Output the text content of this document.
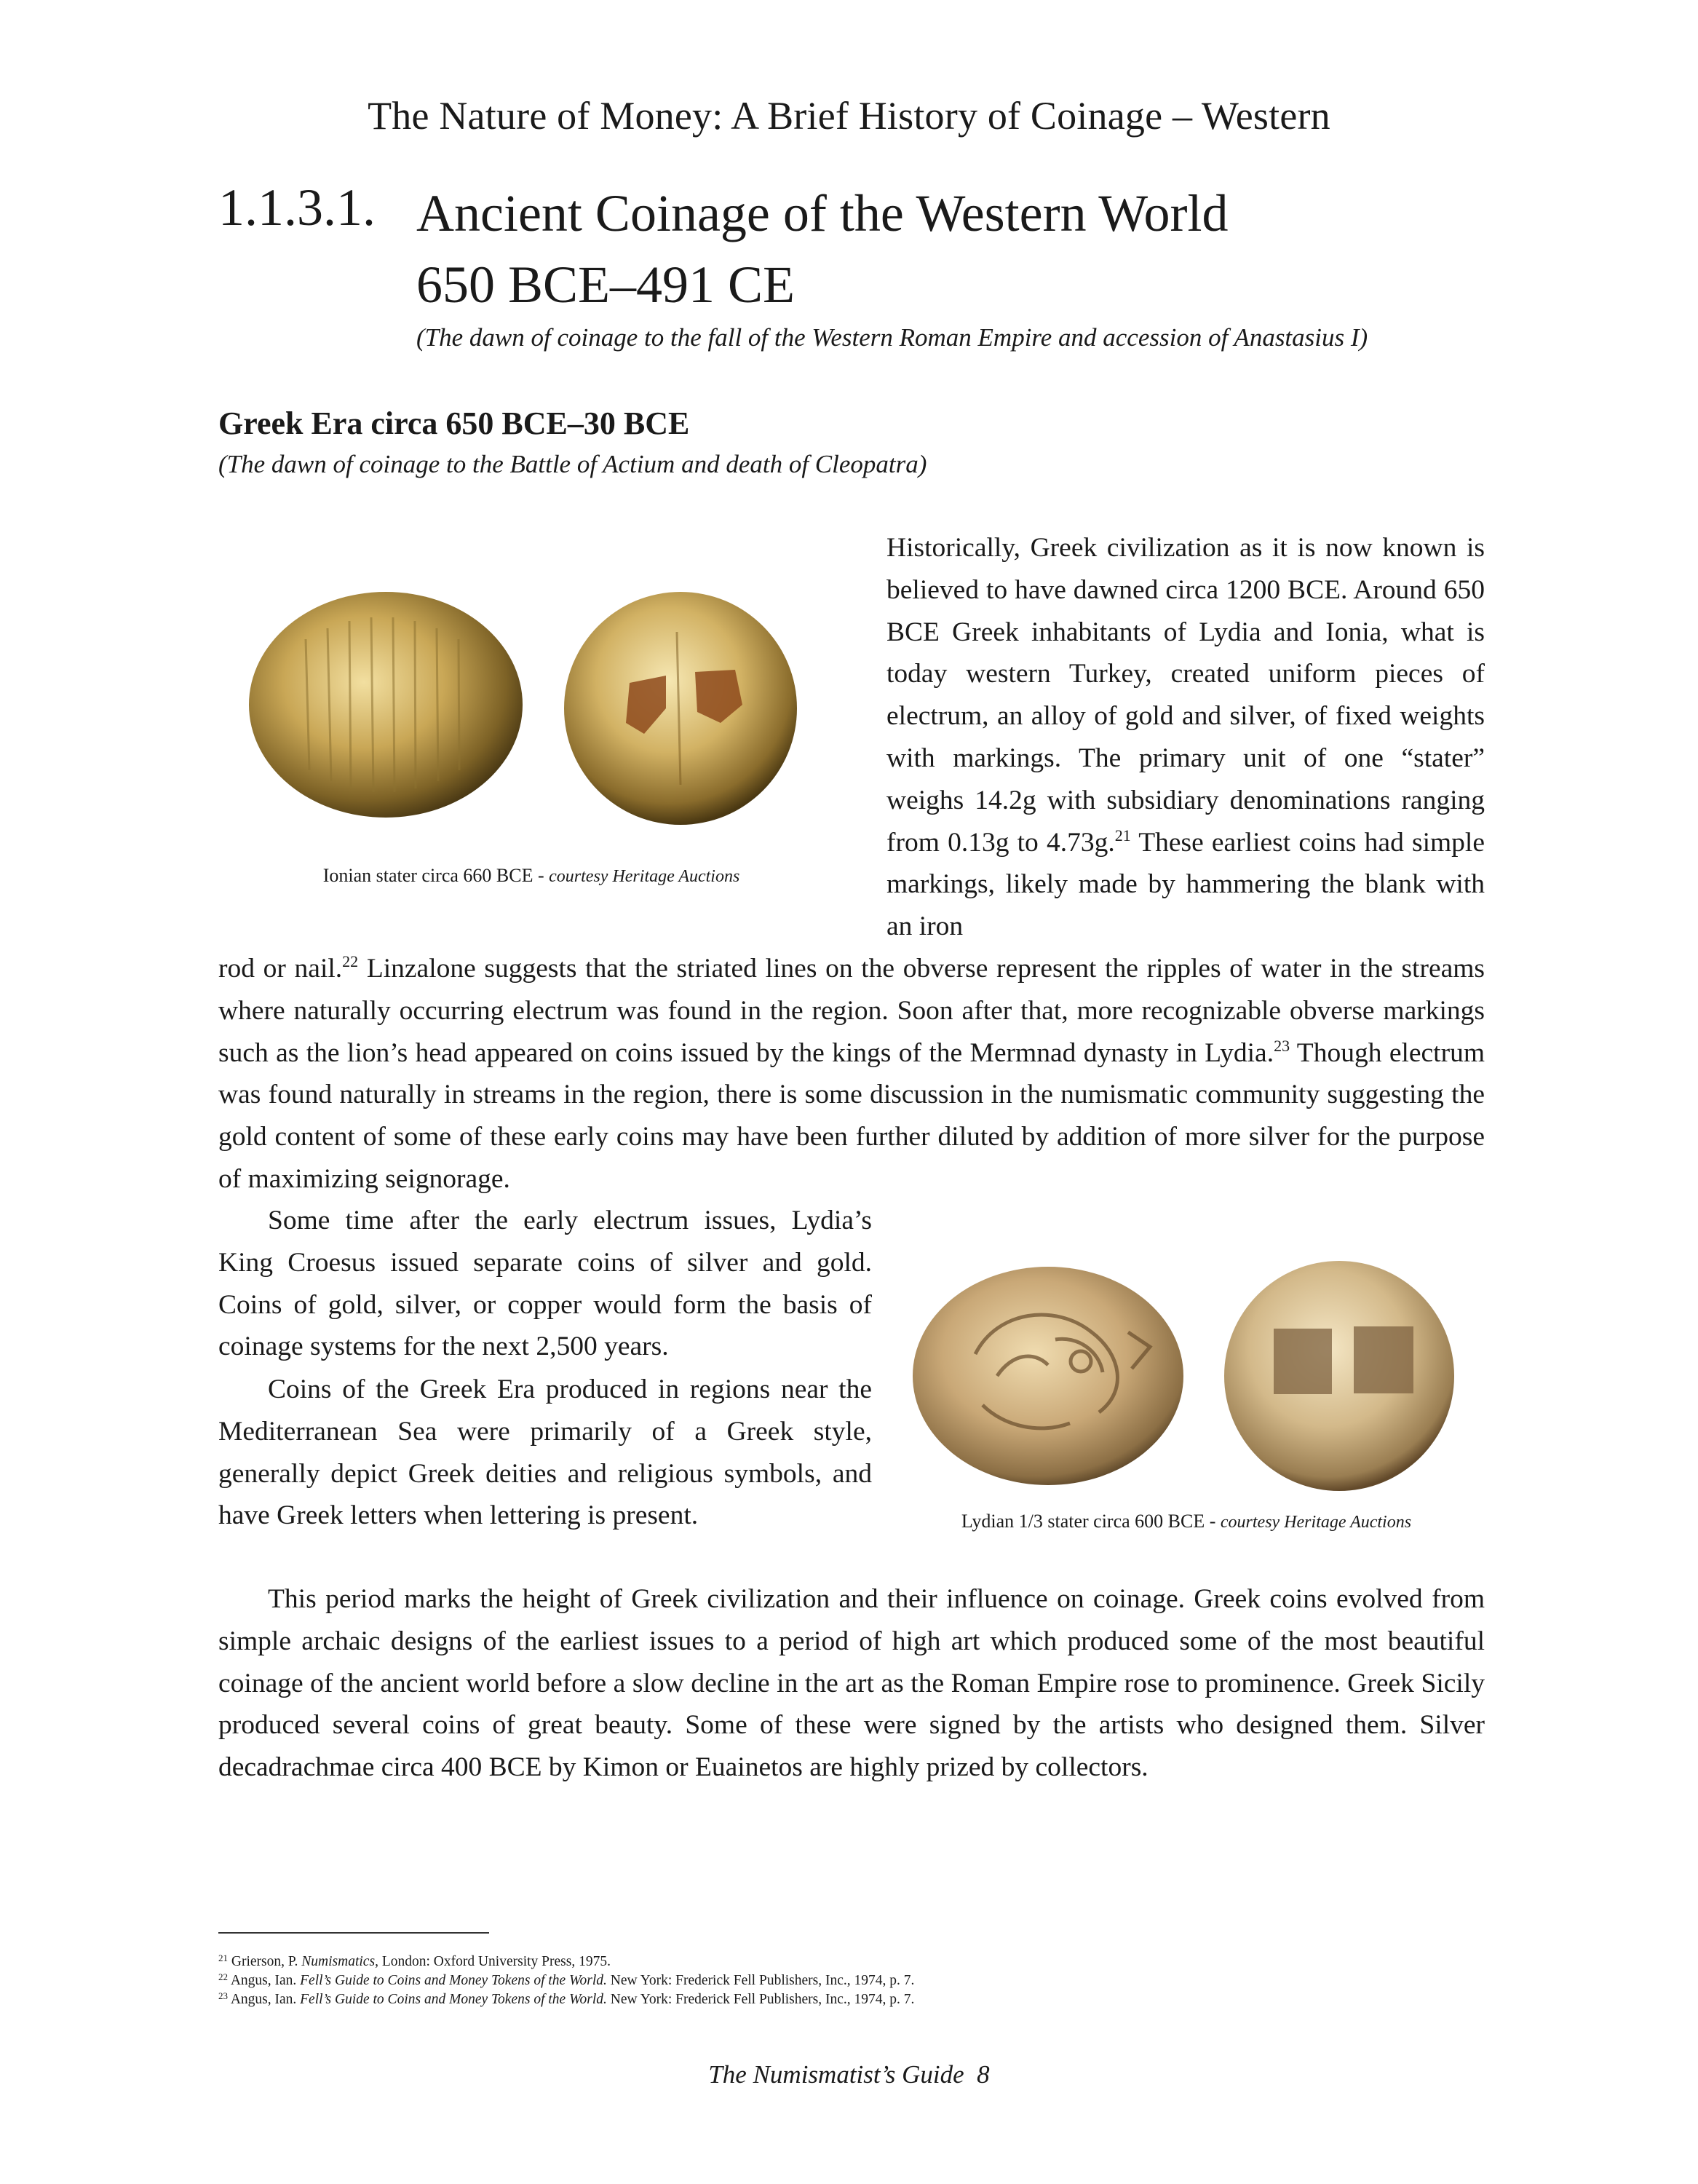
The Nature of Money: A Brief History of Coinage – Western
1.1.3.1. Ancient Coinage of the Western World
650 BCE–491 CE
(The dawn of coinage to the fall of the Western Roman Empire and accession of Anastasius I)
Greek Era circa 650 BCE–30 BCE
(The dawn of coinage to the Battle of Actium and death of Cleopatra)
Ionian stater circa 660 BCE - courtesy Heritage Auctions
Historically, Greek civilization as it is now known is believed to have dawned circa 1200 BCE. Around 650 BCE Greek inhabitants of Lydia and Ionia, what is today western Turkey, created uniform pieces of electrum, an alloy of gold and silver, of fixed weights with markings. The primary unit of one “stater” weighs 14.2g with subsidiary denominations ranging from 0.13g to 4.73g.$^{21}$ These earliest coins had simple markings, likely made by hammering the blank with an iron
rod or nail.$^{22}$ Linzalone suggests that the striated lines on the obverse represent the ripples of water in the streams where naturally occurring electrum was found in the region. Soon after that, more recognizable obverse markings such as the lion’s head appeared on coins issued by the kings of the Mermnad dynasty in Lydia.$^{23}$ Though electrum was found naturally in streams in the region, there is some discussion in the numismatic community suggesting the gold content of some of these early coins may have been further diluted by addition of more silver for the purpose of maximizing seignorage.
Some time after the early electrum issues, Lydia’s King Croesus issued separate coins of silver and gold. Coins of gold, silver, or copper would form the basis of coinage systems for the next 2,500 years.
Coins of the Greek Era produced in regions near the Mediterranean Sea were primarily of a Greek style, generally depict Greek deities and religious symbols, and have Greek letters when lettering is present.	Lydian 1/3 stater circa 600 BCE - courtesy Heritage Auctions
This period marks the height of Greek civilization and their influence on coinage. Greek coins evolved from simple archaic designs of the earliest issues to a period of high art which produced some of the most beautiful coinage of the ancient world before a slow decline in the art as the Roman Empire rose to prominence. Greek Sicily produced several coins of great beauty. Some of these were signed by the artists who designed them. Silver decadrachmae circa 400 BCE by Kimon or Euainetos are highly prized by collectors.
$^{21}$ Grierson, P. Numismatics, London: Oxford University Press, 1975.
$^{22}$ Angus, Ian. Fell’s Guide to Coins and Money Tokens of the World. New York: Frederick Fell Publishers, Inc., 1974, p. 7.
$^{23}$ Angus, Ian. Fell’s Guide to Coins and Money Tokens of the World. New York: Frederick Fell Publishers, Inc., 1974, p. 7.
The Numismatist’s Guide 8
